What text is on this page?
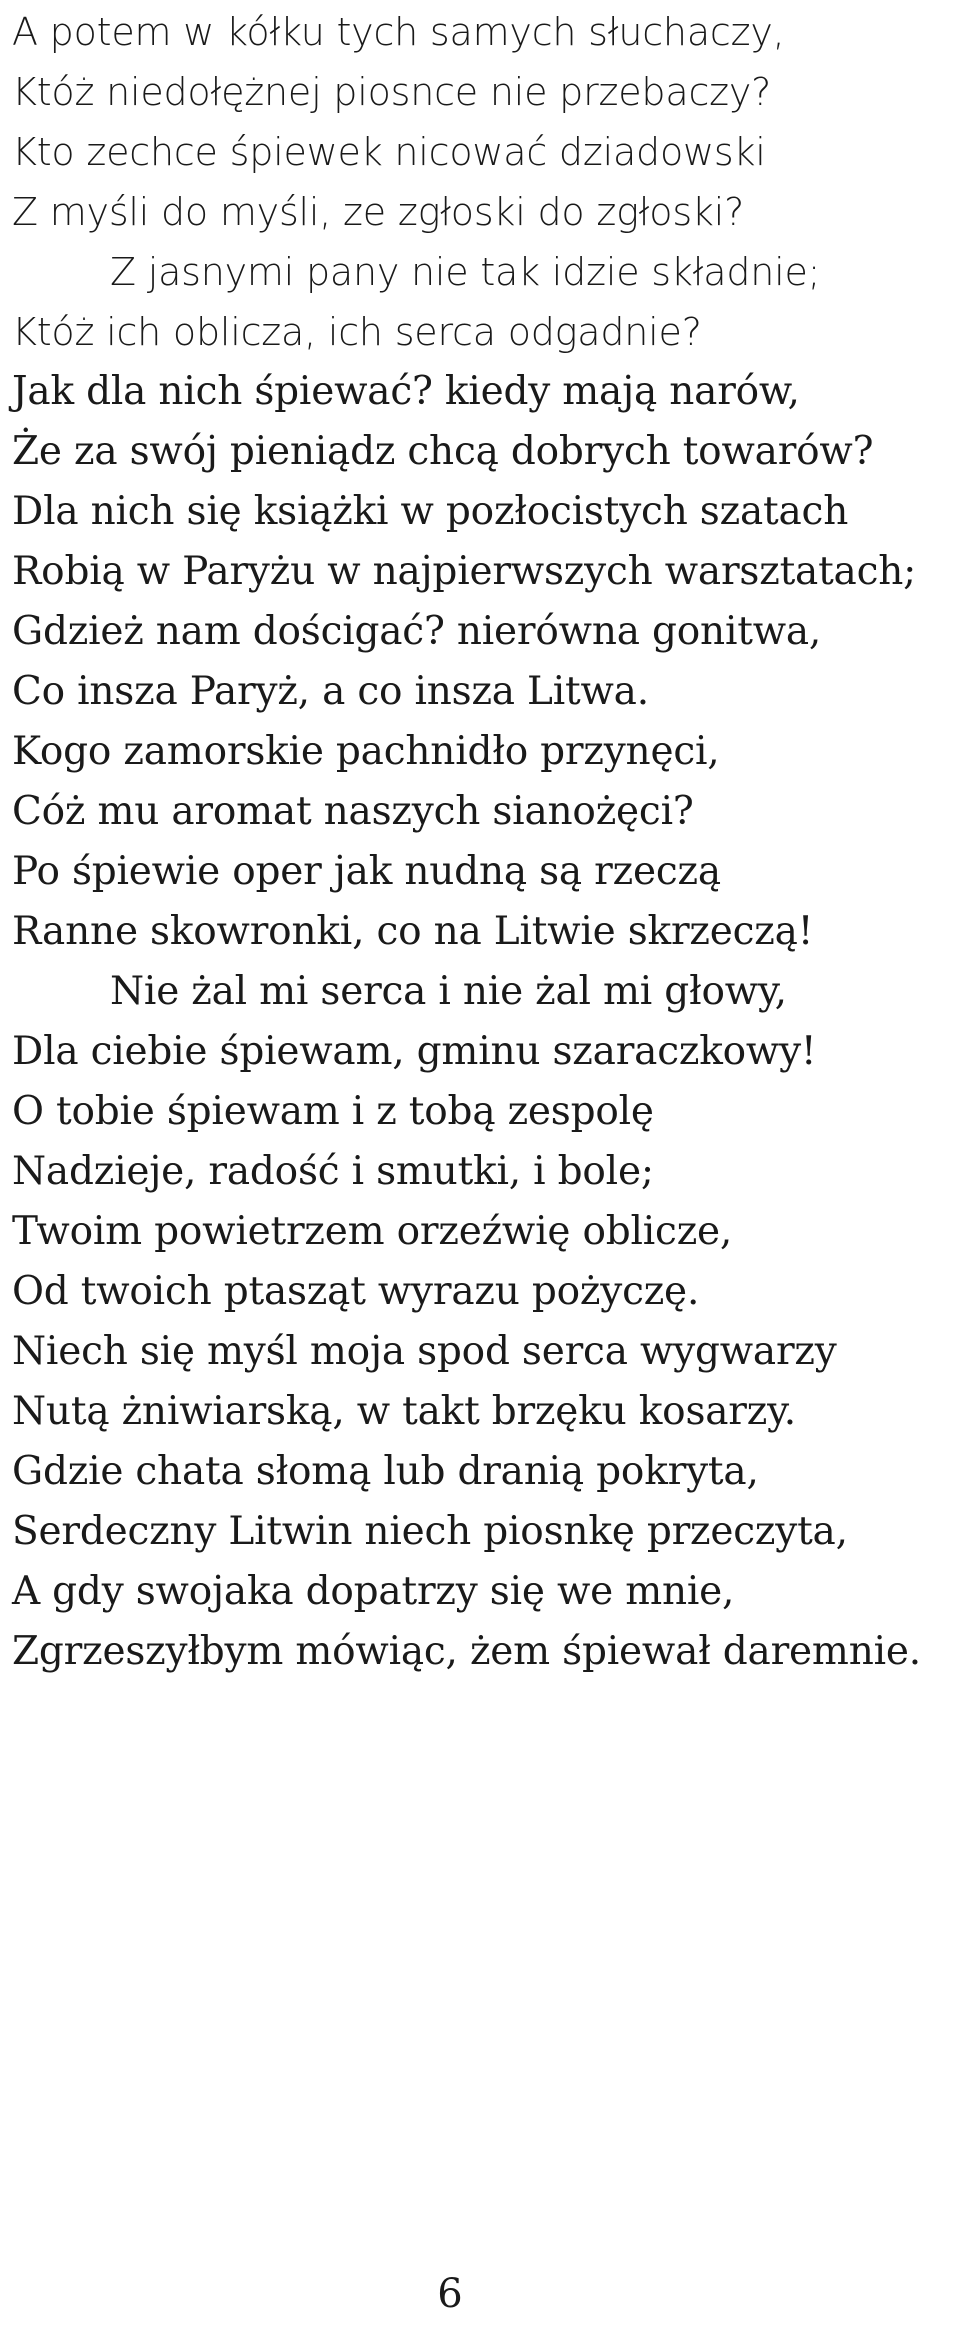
A potem w kółku tych samych słuchaczy,
Któż niedołężnej piosnce nie przebaczy?
Kto zechce śpiewek nicować dziadowski
Z myśli do myśli, ze zgłoski do zgłoski?
Z jasnymi pany nie tak idzie składnie;
Któż ich oblicza, ich serca odgadnie?
Jak dla nich śpiewać? kiedy mają narów,
Że za swój pieniądz chcą dobrych towarów?
Dla nich się książki w pozłocistych szatach
Robią w Paryżu w najpierwszych warsztatach;
Gdzież nam dościgać? nierówna gonitwa,
Co insza Paryż, a co insza Litwa.
Kogo zamorskie pachnidło przynęci,
Cóż mu aromat naszych sianożęci?
Po śpiewie oper jak nudną są rzeczą
Ranne skowronki, co na Litwie skrzeczą!
Nie żal mi serca i nie żal mi głowy,
Dla ciebie śpiewam, gminu szaraczkowy!
O tobie śpiewam i z tobą zespolę
Nadzieje, radość i smutki, i bole;
Twoim powietrzem orzeźwię oblicze,
Od twoich ptasząt wyrazu pożyczę.
Niech się myśl moja spod serca wygwarzy
Nutą żniwiarską, w takt brzęku kosarzy.
Gdzie chata słomą lub dranią pokryta,
Serdeczny Litwin niech piosnkę przeczyta,
A gdy swojaka dopatrzy się we mnie,
Zgrzeszyłbym mówiąc, żem śpiewał daremnie.
6
